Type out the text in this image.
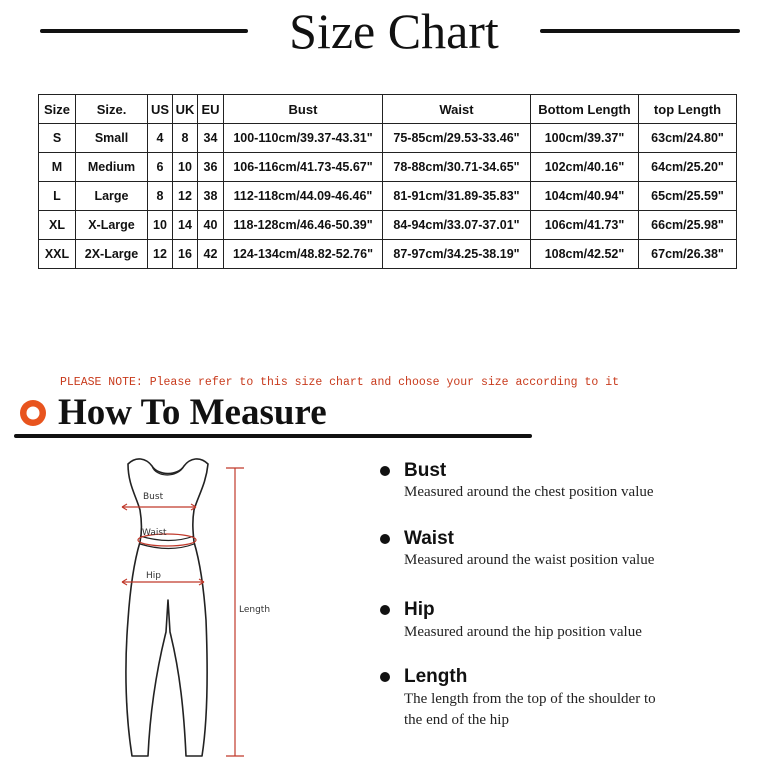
Size Chart
Size	Size.	US	UK	EU	Bust	Waist	Bottom Length	top Length
S	Small	4	8	34	100-110cm/39.37-43.31"	75-85cm/29.53-33.46"	100cm/39.37"	63cm/24.80"
M	Medium	6	10	36	106-116cm/41.73-45.67"	78-88cm/30.71-34.65"	102cm/40.16"	64cm/25.20"
L	Large	8	12	38	112-118cm/44.09-46.46"	81-91cm/31.89-35.83"	104cm/40.94"	65cm/25.59"
XL	X-Large	10	14	40	118-128cm/46.46-50.39"	84-94cm/33.07-37.01"	106cm/41.73"	66cm/25.98"
XXL	2X-Large	12	16	42	124-134cm/48.82-52.76"	87-97cm/34.25-38.19"	108cm/42.52"	67cm/26.38"
PLEASE NOTE: Please refer to this size chart and choose your size according to it
How To Measure
Bust
Waist
Hip
Length
Bust
Measured around the chest position value
Waist
Measured around the waist position value
Hip
Measured around the hip position value
Length
The length from the top of the shoulder to
the end of the hip
